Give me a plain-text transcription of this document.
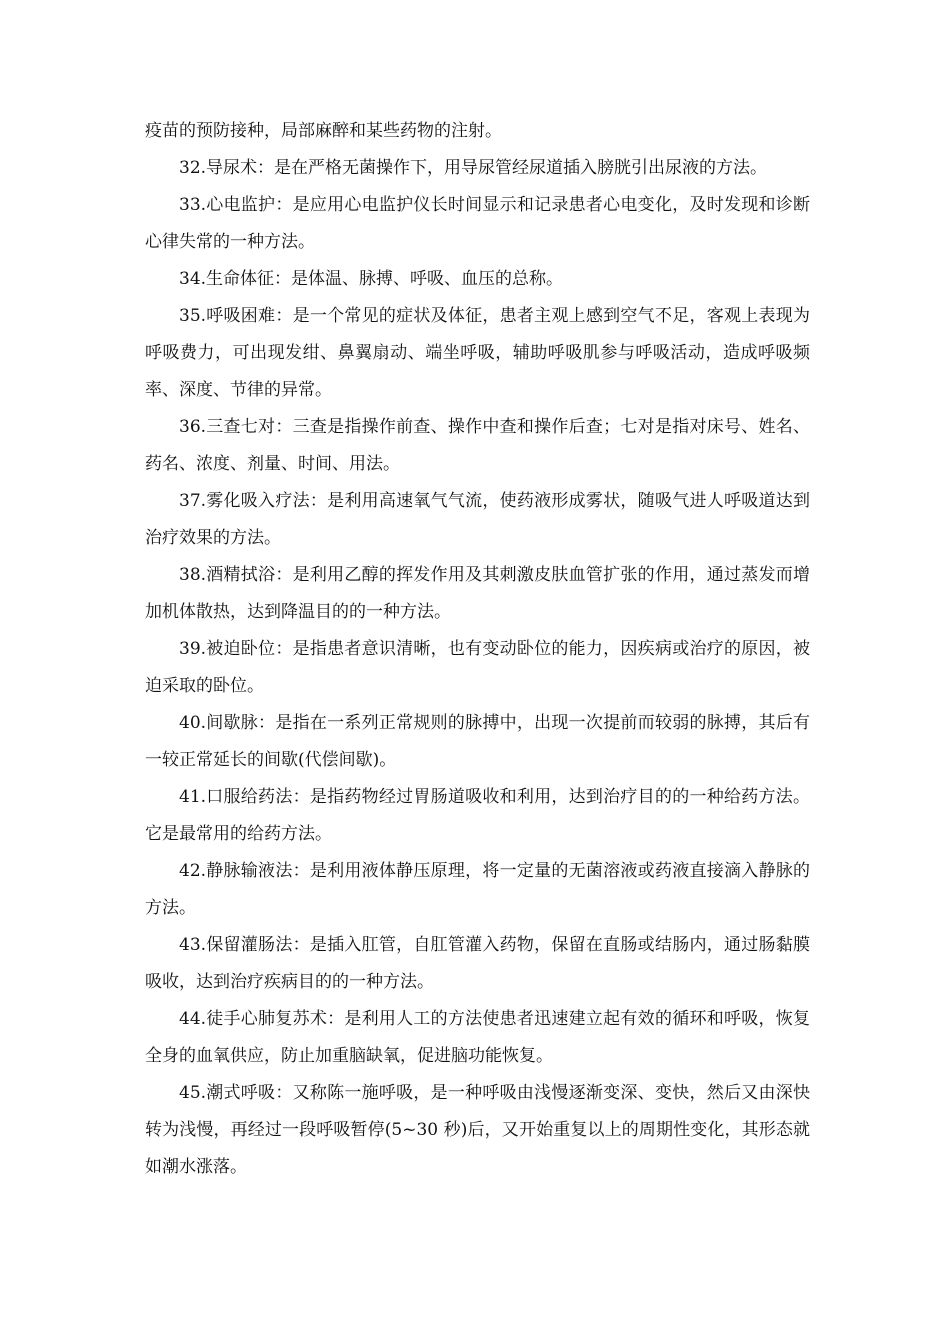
疫苗的预防接种，局部麻醉和某些药物的注射。

32.导尿术：是在严格无菌操作下，用导尿管经尿道插入膀胱引出尿液的方法。

33.心电监护：是应用心电监护仪长时间显示和记录患者心电变化，及时发现和诊断心律失常的一种方法。

34.生命体征：是体温、脉搏、呼吸、血压的总称。

35.呼吸困难：是一个常见的症状及体征，患者主观上感到空气不足，客观上表现为呼吸费力，可出现发绀、鼻翼扇动、端坐呼吸，辅助呼吸肌参与呼吸活动，造成呼吸频率、深度、节律的异常。

36.三查七对：三查是指操作前查、操作中查和操作后查；七对是指对床号、姓名、药名、浓度、剂量、时间、用法。

37.雾化吸入疗法：是利用高速氧气气流，使药液形成雾状，随吸气进人呼吸道达到治疗效果的方法。

38.酒精拭浴：是利用乙醇的挥发作用及其刺激皮肤血管扩张的作用，通过蒸发而增加机体散热，达到降温目的的一种方法。

39.被迫卧位：是指患者意识清晰，也有变动卧位的能力，因疾病或治疗的原因，被迫采取的卧位。

40.间歇脉：是指在一系列正常规则的脉搏中，出现一次提前而较弱的脉搏，其后有一较正常延长的间歇(代偿间歇)。

41.口服给药法：是指药物经过胃肠道吸收和利用，达到治疗目的的一种给药方法。它是最常用的给药方法。

42.静脉输液法：是利用液体静压原理，将一定量的无菌溶液或药液直接滴入静脉的方法。

43.保留灌肠法：是插入肛管，自肛管灌入药物，保留在直肠或结肠内，通过肠黏膜吸收，达到治疗疾病目的的一种方法。

44.徒手心肺复苏术：是利用人工的方法使患者迅速建立起有效的循环和呼吸，恢复全身的血氧供应，防止加重脑缺氧，促进脑功能恢复。

45.潮式呼吸：又称陈一施呼吸，是一种呼吸由浅慢逐渐变深、变快，然后又由深快转为浅慢，再经过一段呼吸暂停(5~30 秒)后，又开始重复以上的周期性变化，其形态就如潮水涨落。
